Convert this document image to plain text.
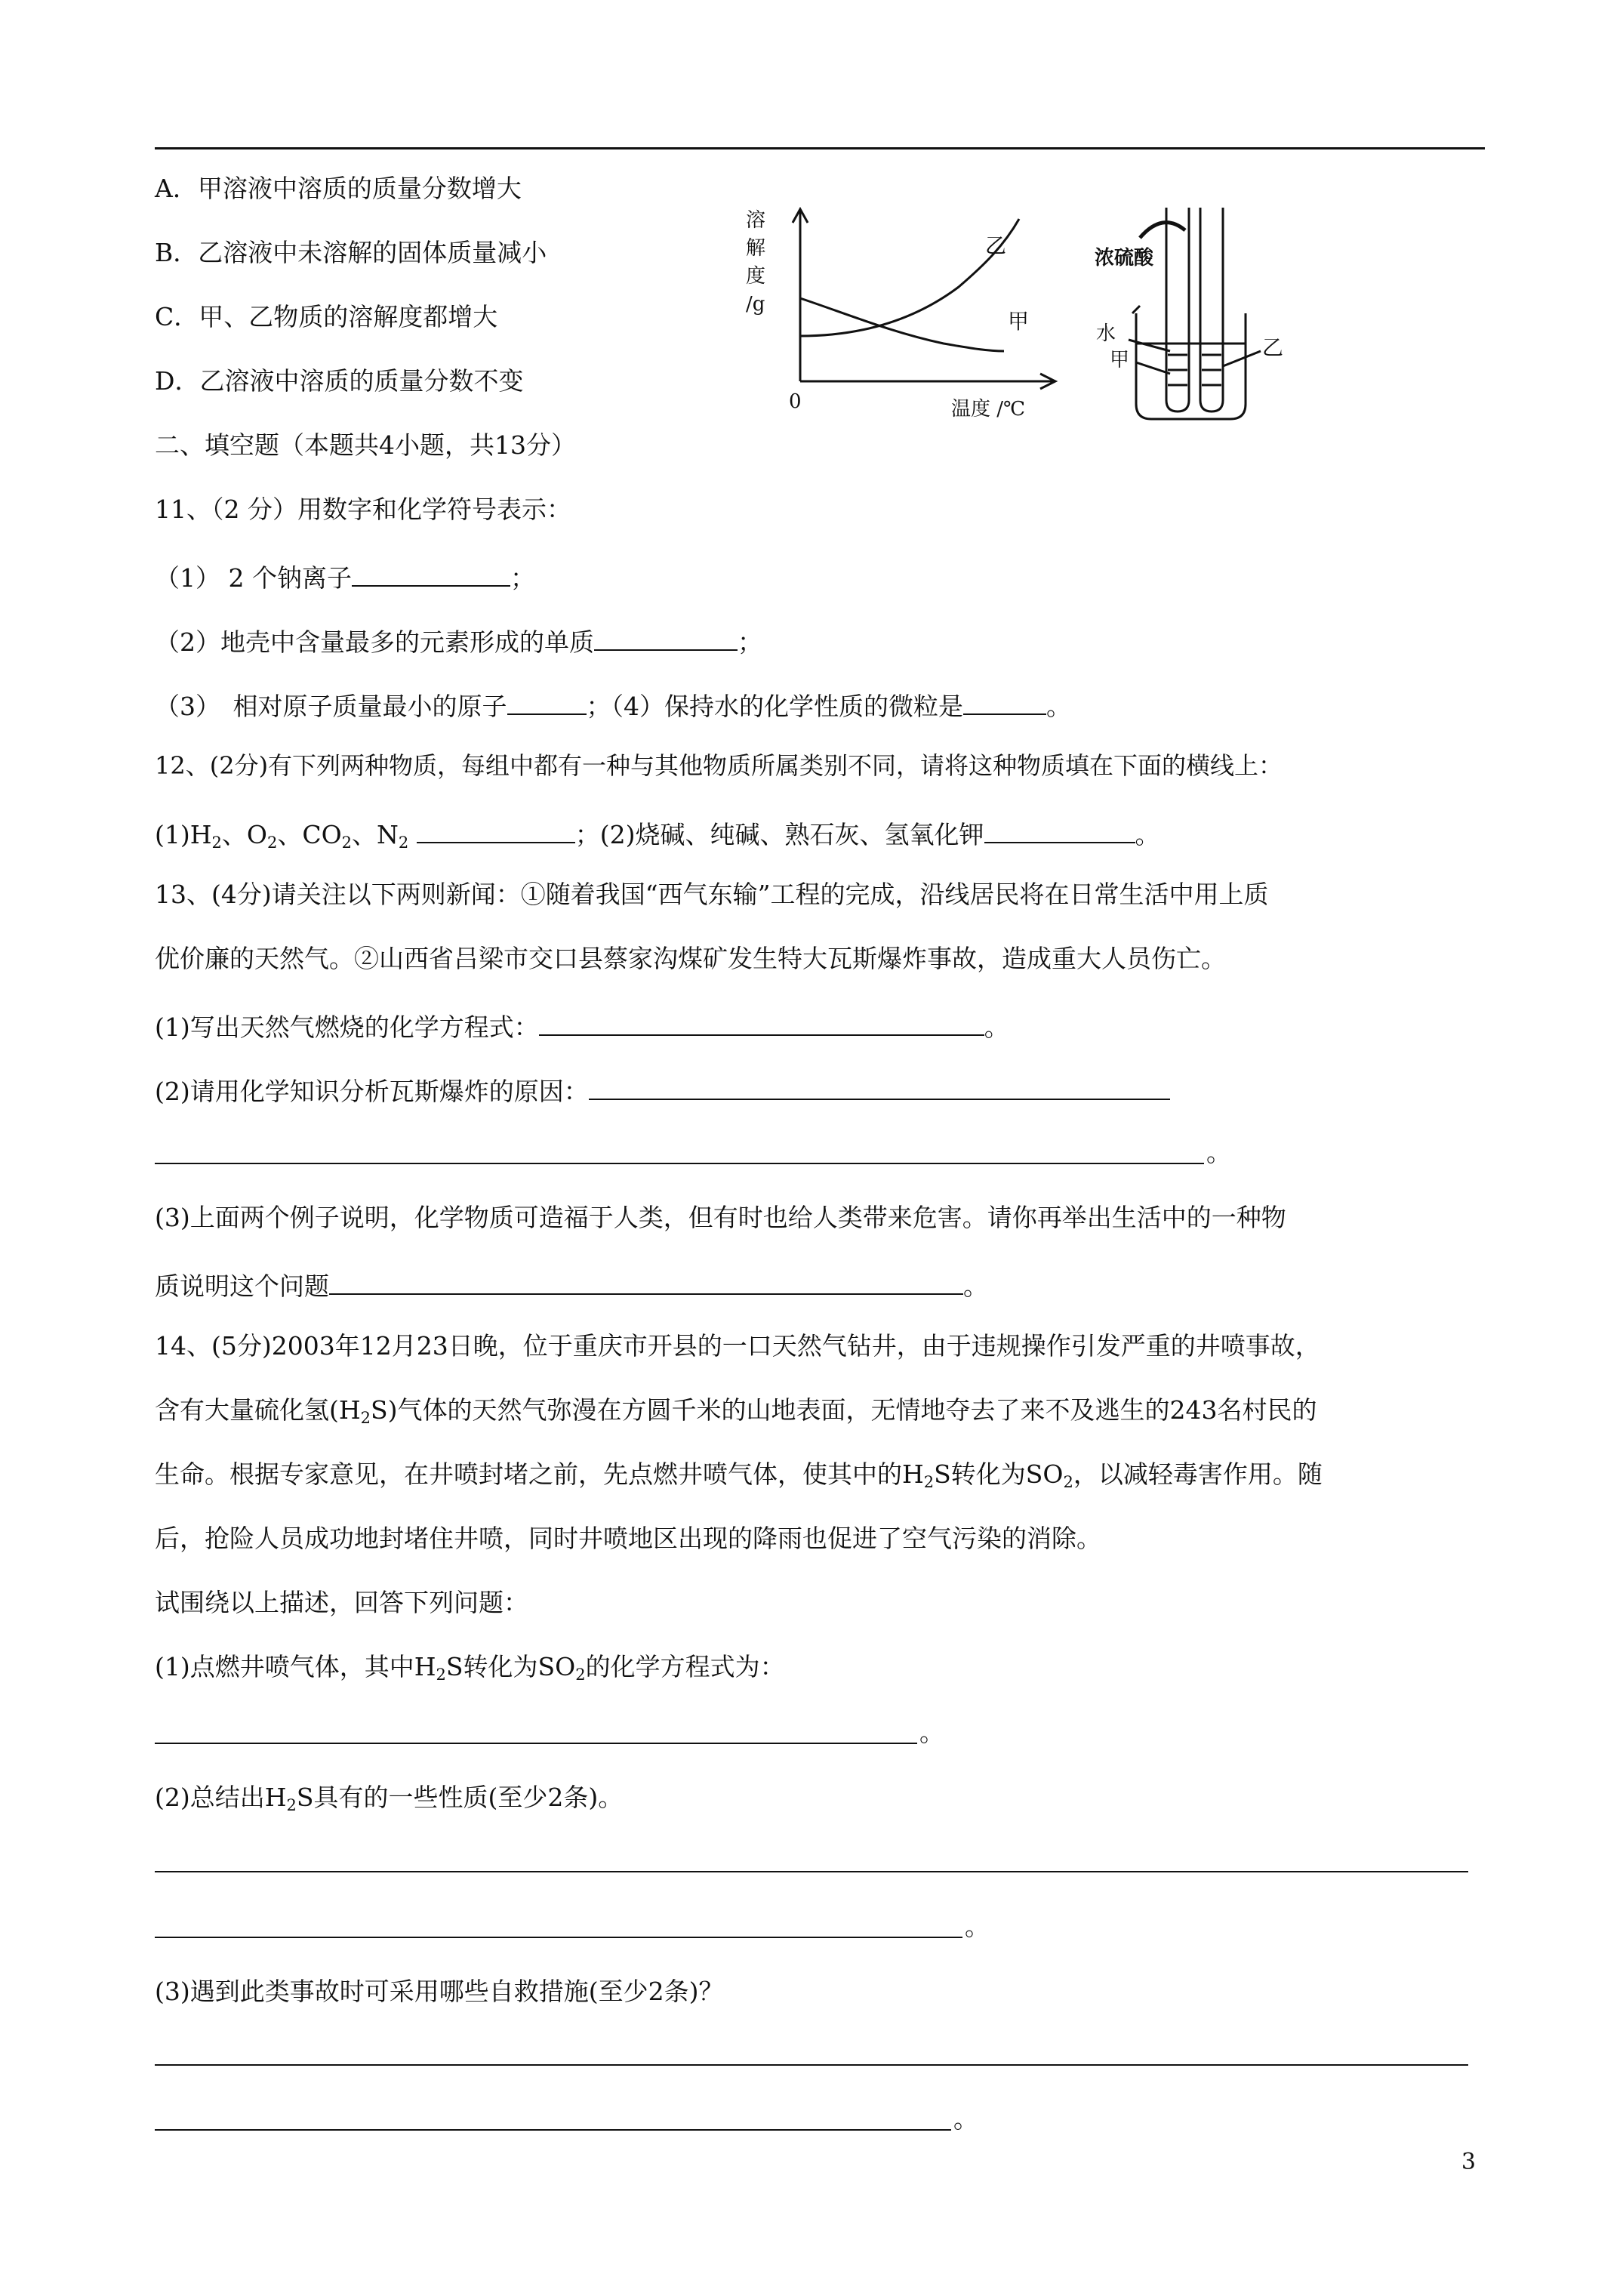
A．甲溶液中溶质的质量分数增大
B．乙溶液中未溶解的固体质量减小
C．甲、乙物质的溶解度都增大
D．乙溶液中溶质的质量分数不变
溶
解
度
/g
0	温度 /℃
乙
甲
浓硫酸
水
甲	乙
二、填空题（本题共4小题，共13分）
11、（2 分）用数字和化学符号表示：
（1） 2 个钠离子	；
（2）地壳中含量最多的元素形成的单质	；
（3）　相对原子质量最小的原子	；（4）保持水的化学性质的微粒是	。
12、(2分)有下列两种物质，每组中都有一种与其他物质所属类别不同，请将这种物质填在下面的横线上：
$(1)H_2$、$O_2$、$CO_2$、$N_2$	；(2)烧碱、纯碱、熟石灰、氢氧化钾	。
13、(4分)请关注以下两则新闻：①随着我国“西气东输”工程的完成，沿线居民将在日常生活中用上质
优价廉的天然气。②山西省吕梁市交口县蔡家沟煤矿发生特大瓦斯爆炸事故，造成重大人员伤亡。
(1)写出天然气燃烧的化学方程式：	。
(2)请用化学知识分析瓦斯爆炸的原因：
。
(3)上面两个例子说明，化学物质可造福于人类，但有时也给人类带来危害。请你再举出生活中的一种物
质说明这个问题	。
14、(5分)2003年12月23日晚，位于重庆市开县的一口天然气钻井，由于违规操作引发严重的井喷事故，
含有大量硫化氢$(H_2S)$气体的天然气弥漫在方圆千米的山地表面，无情地夺去了来不及逃生的243名村民的
生命。根据专家意见，在井喷封堵之前，先点燃井喷气体，使其中的$H_2S$转化为$SO_2$，以减轻毒害作用。随
后，抢险人员成功地封堵住井喷，同时井喷地区出现的降雨也促进了空气污染的消除。
试围绕以上描述，回答下列问题：
(1)点燃井喷气体，其中$H_2S$转化为$SO_2$的化学方程式为：
。
(2)总结出$H_2S$具有的一些性质(至少2条)。
。
(3)遇到此类事故时可采用哪些自救措施(至少2条)？
。
3
